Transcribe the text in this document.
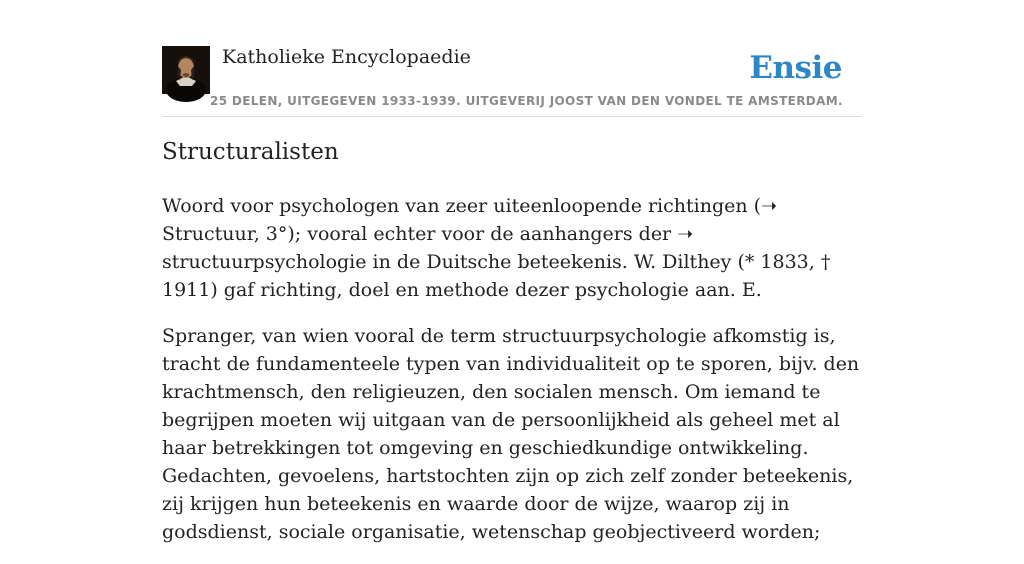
Katholieke Encyclopaedie
25 DELEN, UITGEGEVEN 1933-1939. UITGEVERIJ JOOST VAN DEN VONDEL TE AMSTERDAM.
Ensie
Structuralisten

Woord voor psychologen van zeer uiteenloopende richtingen (➝ Structuur, 3°); vooral echter voor de aanhangers der ➝ structuurpsychologie in de Duitsche beteekenis. W. Dilthey (* 1833, † 1911) gaf richting, doel en methode dezer psychologie aan. E.

Spranger, van wien vooral de term structuurpsychologie afkomstig is, tracht de fundamenteele typen van individualiteit op te sporen, bijv. den krachtmensch, den religieuzen, den socialen mensch. Om iemand te begrijpen moeten wij uitgaan van de persoonlijkheid als geheel met al haar betrekkingen tot omgeving en geschiedkundige ontwikkeling. Gedachten, gevoelens, hartstochten zijn op zich zelf zonder beteekenis, zij krijgen hun beteekenis en waarde door de wijze, waarop zij in godsdienst, sociale organisatie, wetenschap geobjectiveerd worden;
